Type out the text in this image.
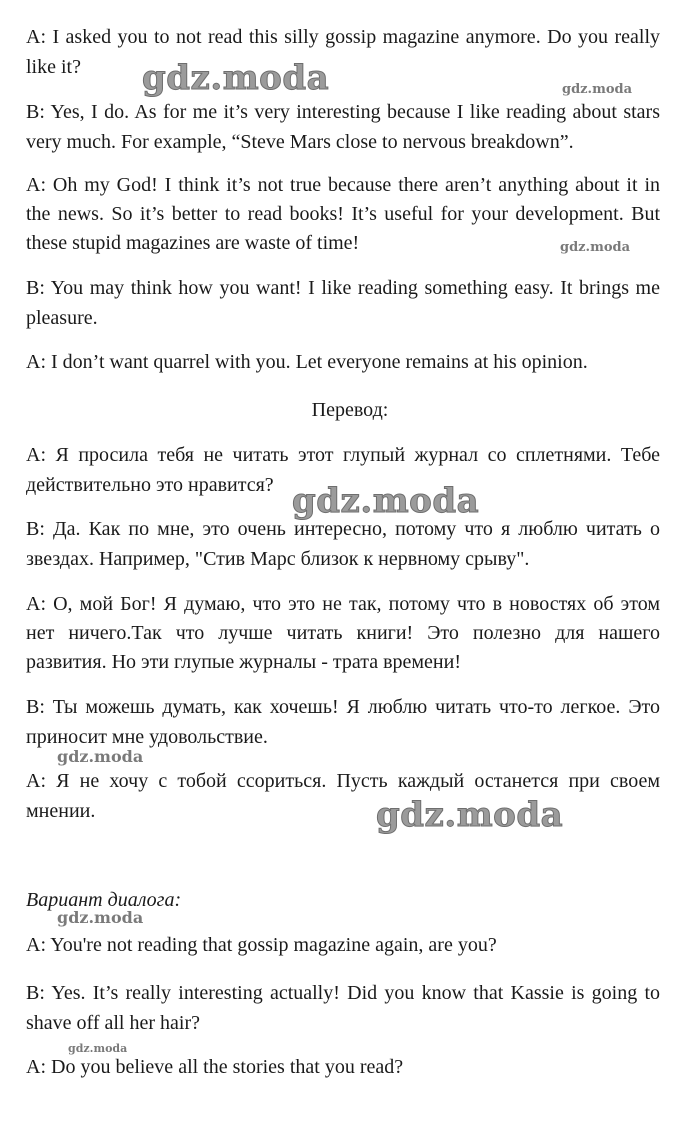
A: I asked you to not read this silly gossip magazine anymore. Do you really like it?

B: Yes, I do. As for me it’s very interesting because I like reading about stars very much. For example, “Steve Mars close to nervous breakdown”.

A: Oh my God! I think it’s not true because there aren’t anything about it in the news. So it’s better to read books! It’s useful for your development. But these stupid magazines are waste of time!

B: You may think how you want! I like reading something easy. It brings me pleasure.

A: I don’t want quarrel with you. Let everyone remains at his opinion.

Перевод:

А: Я просила тебя не читать этот глупый журнал со сплетнями. Тебе действительно это нравится?

В: Да. Как по мне, это очень интересно, потому что я люблю читать о звездах. Например, "Стив Марс близок к нервному срыву".

А: О, мой Бог! Я думаю, что это не так, потому что в новостях об этом нет ничего.Так что лучше читать книги! Это полезно для нашего развития. Но эти глупые журналы - трата времени!

В: Ты можешь думать, как хочешь! Я люблю читать что-то легкое. Это приносит мне удовольствие.

А: Я не хочу с тобой ссориться. Пусть каждый останется при своем мнении.

Вариант диалога:

A: You're not reading that gossip magazine again, are you?

B: Yes. It’s really interesting actually! Did you know that Kassie is going to shave off all her hair?

A: Do you believe all the stories that you read?

gdz.moda	gdz.moda
gdz.moda
gdz.moda
gdz.moda
gdz.moda
gdz.moda
gdz.moda
